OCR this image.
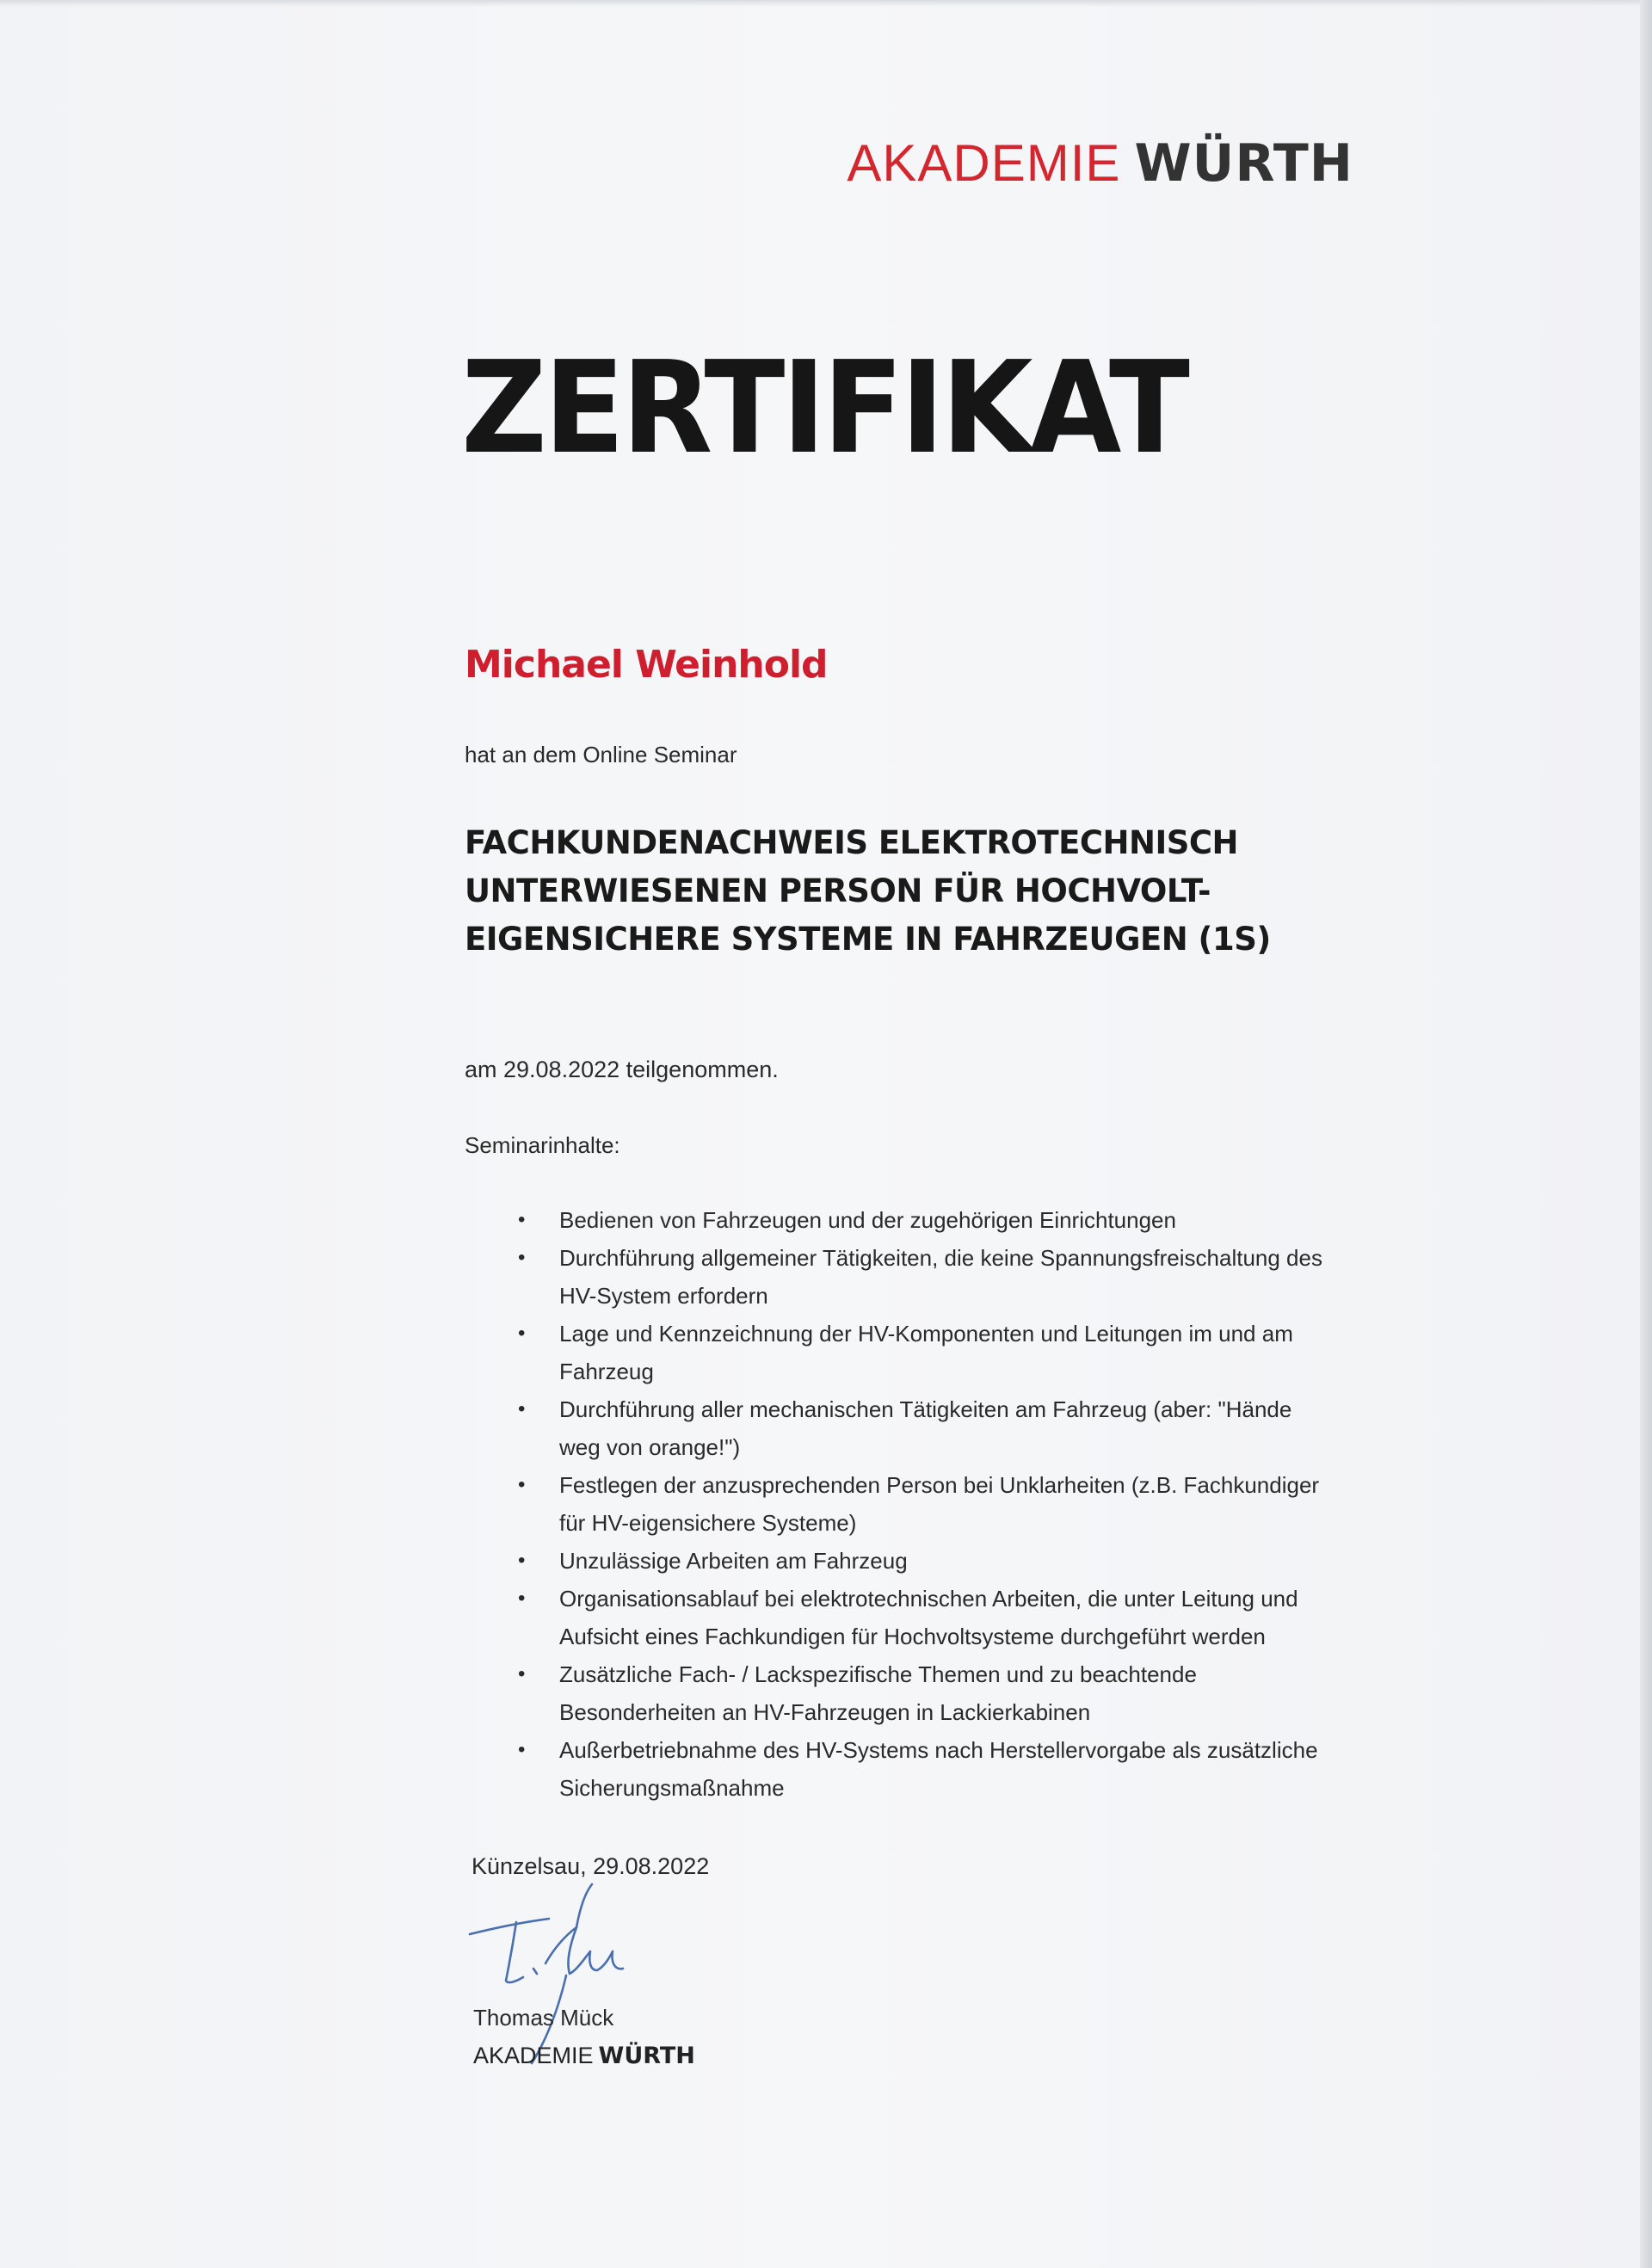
AKADEMIE WÜRTH
ZERTIFIKAT
Michael Weinhold
hat an dem Online Seminar
FACHKUNDENACHWEIS ELEKTROTECHNISCH
UNTERWIESENEN PERSON FÜR HOCHVOLT-
EIGENSICHERE SYSTEME IN FAHRZEUGEN (1S)
am 29.08.2022 teilgenommen.
Seminarinhalte:
• Bedienen von Fahrzeugen und der zugehörigen Einrichtungen
• Durchführung allgemeiner Tätigkeiten, die keine Spannungsfreischaltung des
HV-System erfordern
• Lage und Kennzeichnung der HV-Komponenten und Leitungen im und am
Fahrzeug
• Durchführung aller mechanischen Tätigkeiten am Fahrzeug (aber: "Hände
weg von orange!")
• Festlegen der anzusprechenden Person bei Unklarheiten (z.B. Fachkundiger
für HV-eigensichere Systeme)
• Unzulässige Arbeiten am Fahrzeug
• Organisationsablauf bei elektrotechnischen Arbeiten, die unter Leitung und
Aufsicht eines Fachkundigen für Hochvoltsysteme durchgeführt werden
• Zusätzliche Fach- / Lackspezifische Themen und zu beachtende
Besonderheiten an HV-Fahrzeugen in Lackierkabinen
• Außerbetriebnahme des HV-Systems nach Herstellervorgabe als zusätzliche
Sicherungsmaßnahme
Künzelsau, 29.08.2022
Thomas Mück
AKADEMIE WÜRTH
